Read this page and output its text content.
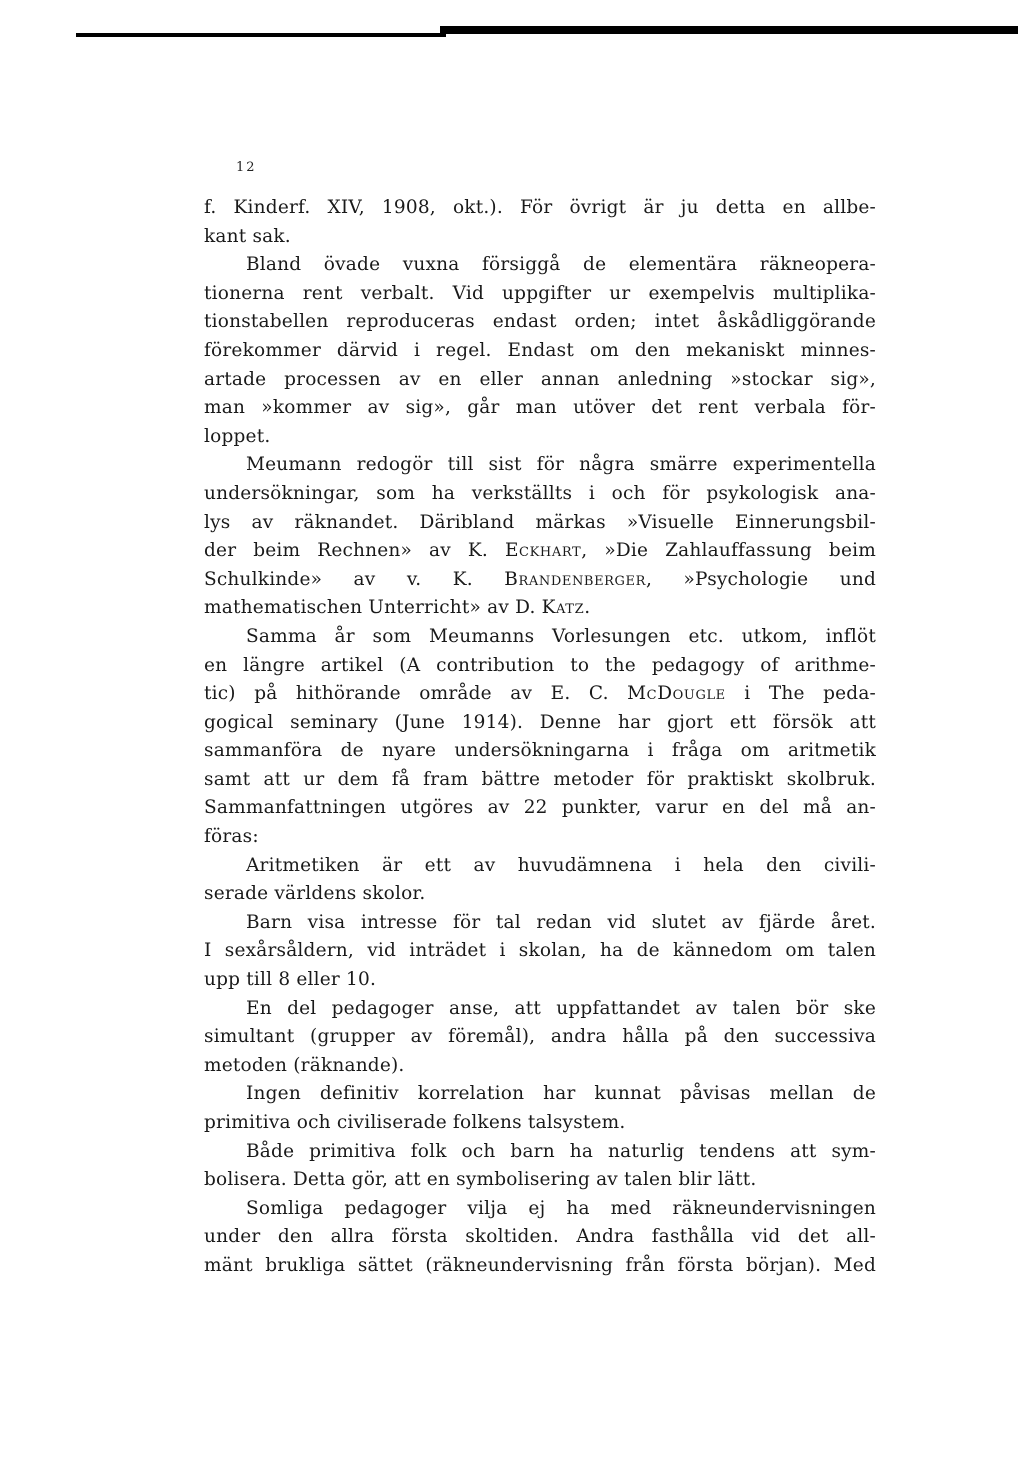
12
f. Kinderf. XIV, 1908, okt.). För övrigt är ju detta en allbe-
kant sak.
Bland övade vuxna försiggå de elementära räkneopera-
tionerna rent verbalt. Vid uppgifter ur exempelvis multiplika-
tionstabellen reproduceras endast orden; intet åskådliggörande
förekommer därvid i regel. Endast om den mekaniskt minnes-
artade processen av en eller annan anledning »stockar sig»,
man »kommer av sig», går man utöver det rent verbala för-
loppet.
Meumann redogör till sist för några smärre experimentella
undersökningar, som ha verkställts i och för psykologisk ana-
lys av räknandet. Däribland märkas »Visuelle Einnerungsbil-
der beim Rechnen» av K. Eckhart, »Die Zahlauffassung beim
Schulkinde» av v. K. Brandenberger, »Psychologie und
mathematischen Unterricht» av D. Katz.
Samma år som Meumanns Vorlesungen etc. utkom, inflöt
en längre artikel (A contribution to the pedagogy of arithme-
tic) på hithörande område av E. C. McDougle i The peda-
gogical seminary (June 1914). Denne har gjort ett försök att
sammanföra de nyare undersökningarna i fråga om aritmetik
samt att ur dem få fram bättre metoder för praktiskt skolbruk.
Sammanfattningen utgöres av 22 punkter, varur en del må an-
föras:
Aritmetiken är ett av huvudämnena i hela den civili-
serade världens skolor.
Barn visa intresse för tal redan vid slutet av fjärde året.
I sexårsåldern, vid inträdet i skolan, ha de kännedom om talen
upp till 8 eller 10.
En del pedagoger anse, att uppfattandet av talen bör ske
simultant (grupper av föremål), andra hålla på den successiva
metoden (räknande).
Ingen definitiv korrelation har kunnat påvisas mellan de
primitiva och civiliserade folkens talsystem.
Både primitiva folk och barn ha naturlig tendens att sym-
bolisera. Detta gör, att en symbolisering av talen blir lätt.
Somliga pedagoger vilja ej ha med räkneundervisningen
under den allra första skoltiden. Andra fasthålla vid det all-
mänt brukliga sättet (räkneundervisning från första början). Med
